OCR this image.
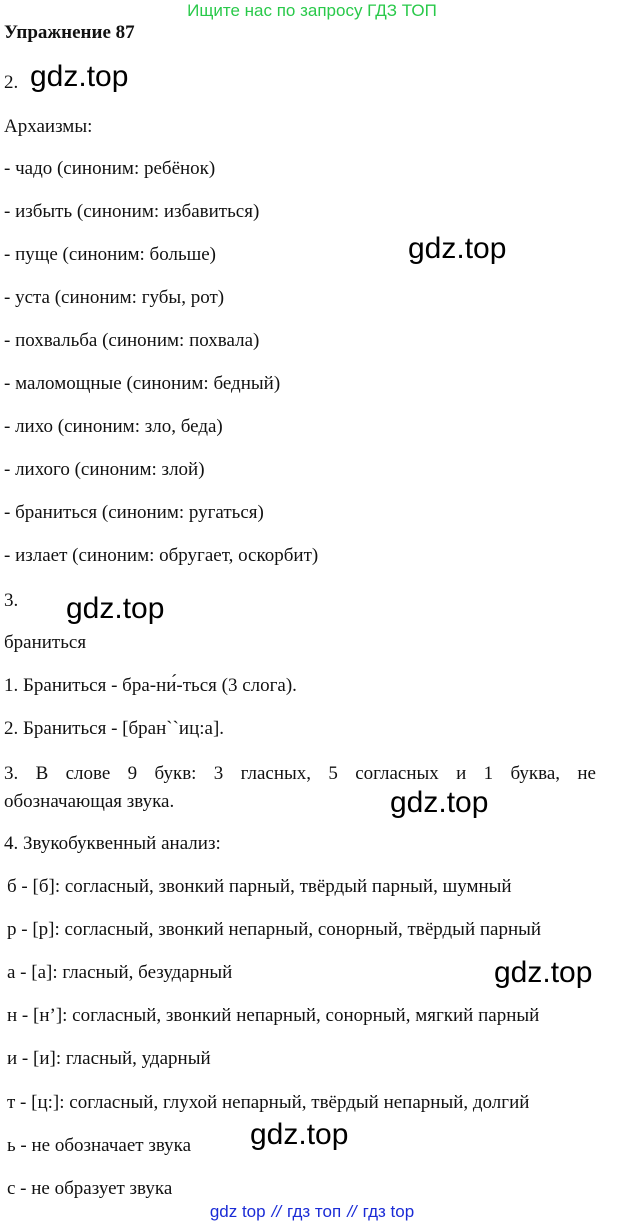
Ищите нас по запросу ГДЗ ТОП
Упражнение 87
2.
Архаизмы:
- чадо (синоним: ребёнок)
- избыть (синоним: избавиться)
- пуще (синоним: больше)
- уста (синоним: губы, рот)
- похвальба (синоним: похвала)
- маломощные (синоним: бедный)
- лихо (синоним: зло, беда)
- лихого (синоним: злой)
- браниться (синоним: ругаться)
- излает (синоним: обругает, оскорбит)
3.
браниться
1. Браниться - бра-ни́-ться (3 слога).
2. Браниться - [бран``иц:а].
3. В слове 9 букв: 3 гласных, 5 согласных и 1 буква, не
обозначающая звука.
4. Звукобуквенный анализ:
б - [б]: согласный, звонкий парный, твёрдый парный, шумный
р - [р]: согласный, звонкий непарный, сонорный, твёрдый парный
а - [а]: гласный, безударный
н - [н’]: согласный, звонкий непарный, сонорный, мягкий парный
и - [и]: гласный, ударный
т - [ц:]: согласный, глухой непарный, твёрдый непарный, долгий
ь - не обозначает звука
с - не образует звука
gdz.top
gdz.top
gdz.top
gdz.top
gdz.top
gdz.top
gdz top // гдз топ // гдз top
